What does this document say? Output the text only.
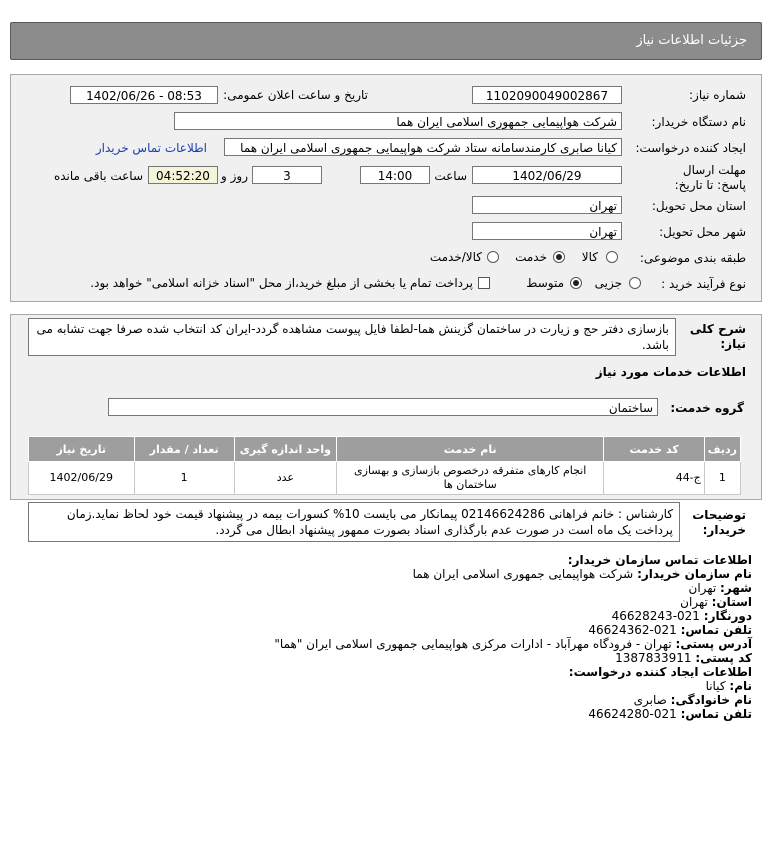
جزئیات اطلاعات نیاز
شماره نیاز:
1102090049002867
تاریخ و ساعت اعلان عمومی:
1402/06/26 - 08:53
نام دستگاه خریدار:
شرکت هواپیمایی جمهوری اسلامی ایران هما
ایجاد کننده درخواست:
کیانا صابری کارمندسامانه ستاد شرکت هواپیمایی جمهوری اسلامی ایران هما
اطلاعات تماس خریدار
مهلت ارسال پاسخ: تا تاریخ:
1402/06/29
ساعت
14:00
3
روز و
04:52:20
ساعت باقی مانده
استان محل تحویل:
تهران
شهر محل تحویل:
تهران
طبقه بندی موضوعی:
کالا
خدمت
کالا/خدمت
نوع فرآیند خرید :
جزیی
متوسط
پرداخت تمام یا بخشی از مبلغ خرید،از محل "اسناد خزانه اسلامی" خواهد بود.
شرح کلی نیاز:
بازسازی دفتر حج و زیارت در ساختمان گزینش هما-لطفا فایل پیوست مشاهده گردد-ایران کد انتخاب شده صرفا جهت تشابه می باشد.
اطلاعات خدمات مورد نیاز
گروه خدمت:
ساختمان
ردیف	کد خدمت	نام خدمت	واحد اندازه گیری	تعداد / مقدار	تاریخ نیاز
1	ج-44	انجام کارهای متفرقه درخصوص بازسازی و بهسازی ساختمان ها	عدد	1	1402/06/29
توضیحات خریدار:
کارشناس : خانم فراهانی 02146624286 پیمانکار می بایست 10% کسورات بیمه در پیشنهاد قیمت خود لحاظ نماید.زمان پرداخت یک ماه است در صورت عدم بارگذاری اسناد بصورت ممهور پیشنهاد ابطال می گردد.
اطلاعات تماس سازمان خریدار:
نام سازمان خریدار: شرکت هواپیمایی جمهوری اسلامی ایران هما
شهر: تهران
استان: تهران
دورنگار: 021-46628243
تلفن تماس: 021-46624362
آدرس پستی: تهران - فرودگاه مهرآباد - ادارات مرکزی هواپیمایی جمهوری اسلامی ایران "هما"
کد پستی: 1387833911
اطلاعات ایجاد کننده درخواست:
نام: کیانا
نام خانوادگی: صابری
تلفن تماس: 021-46624280
